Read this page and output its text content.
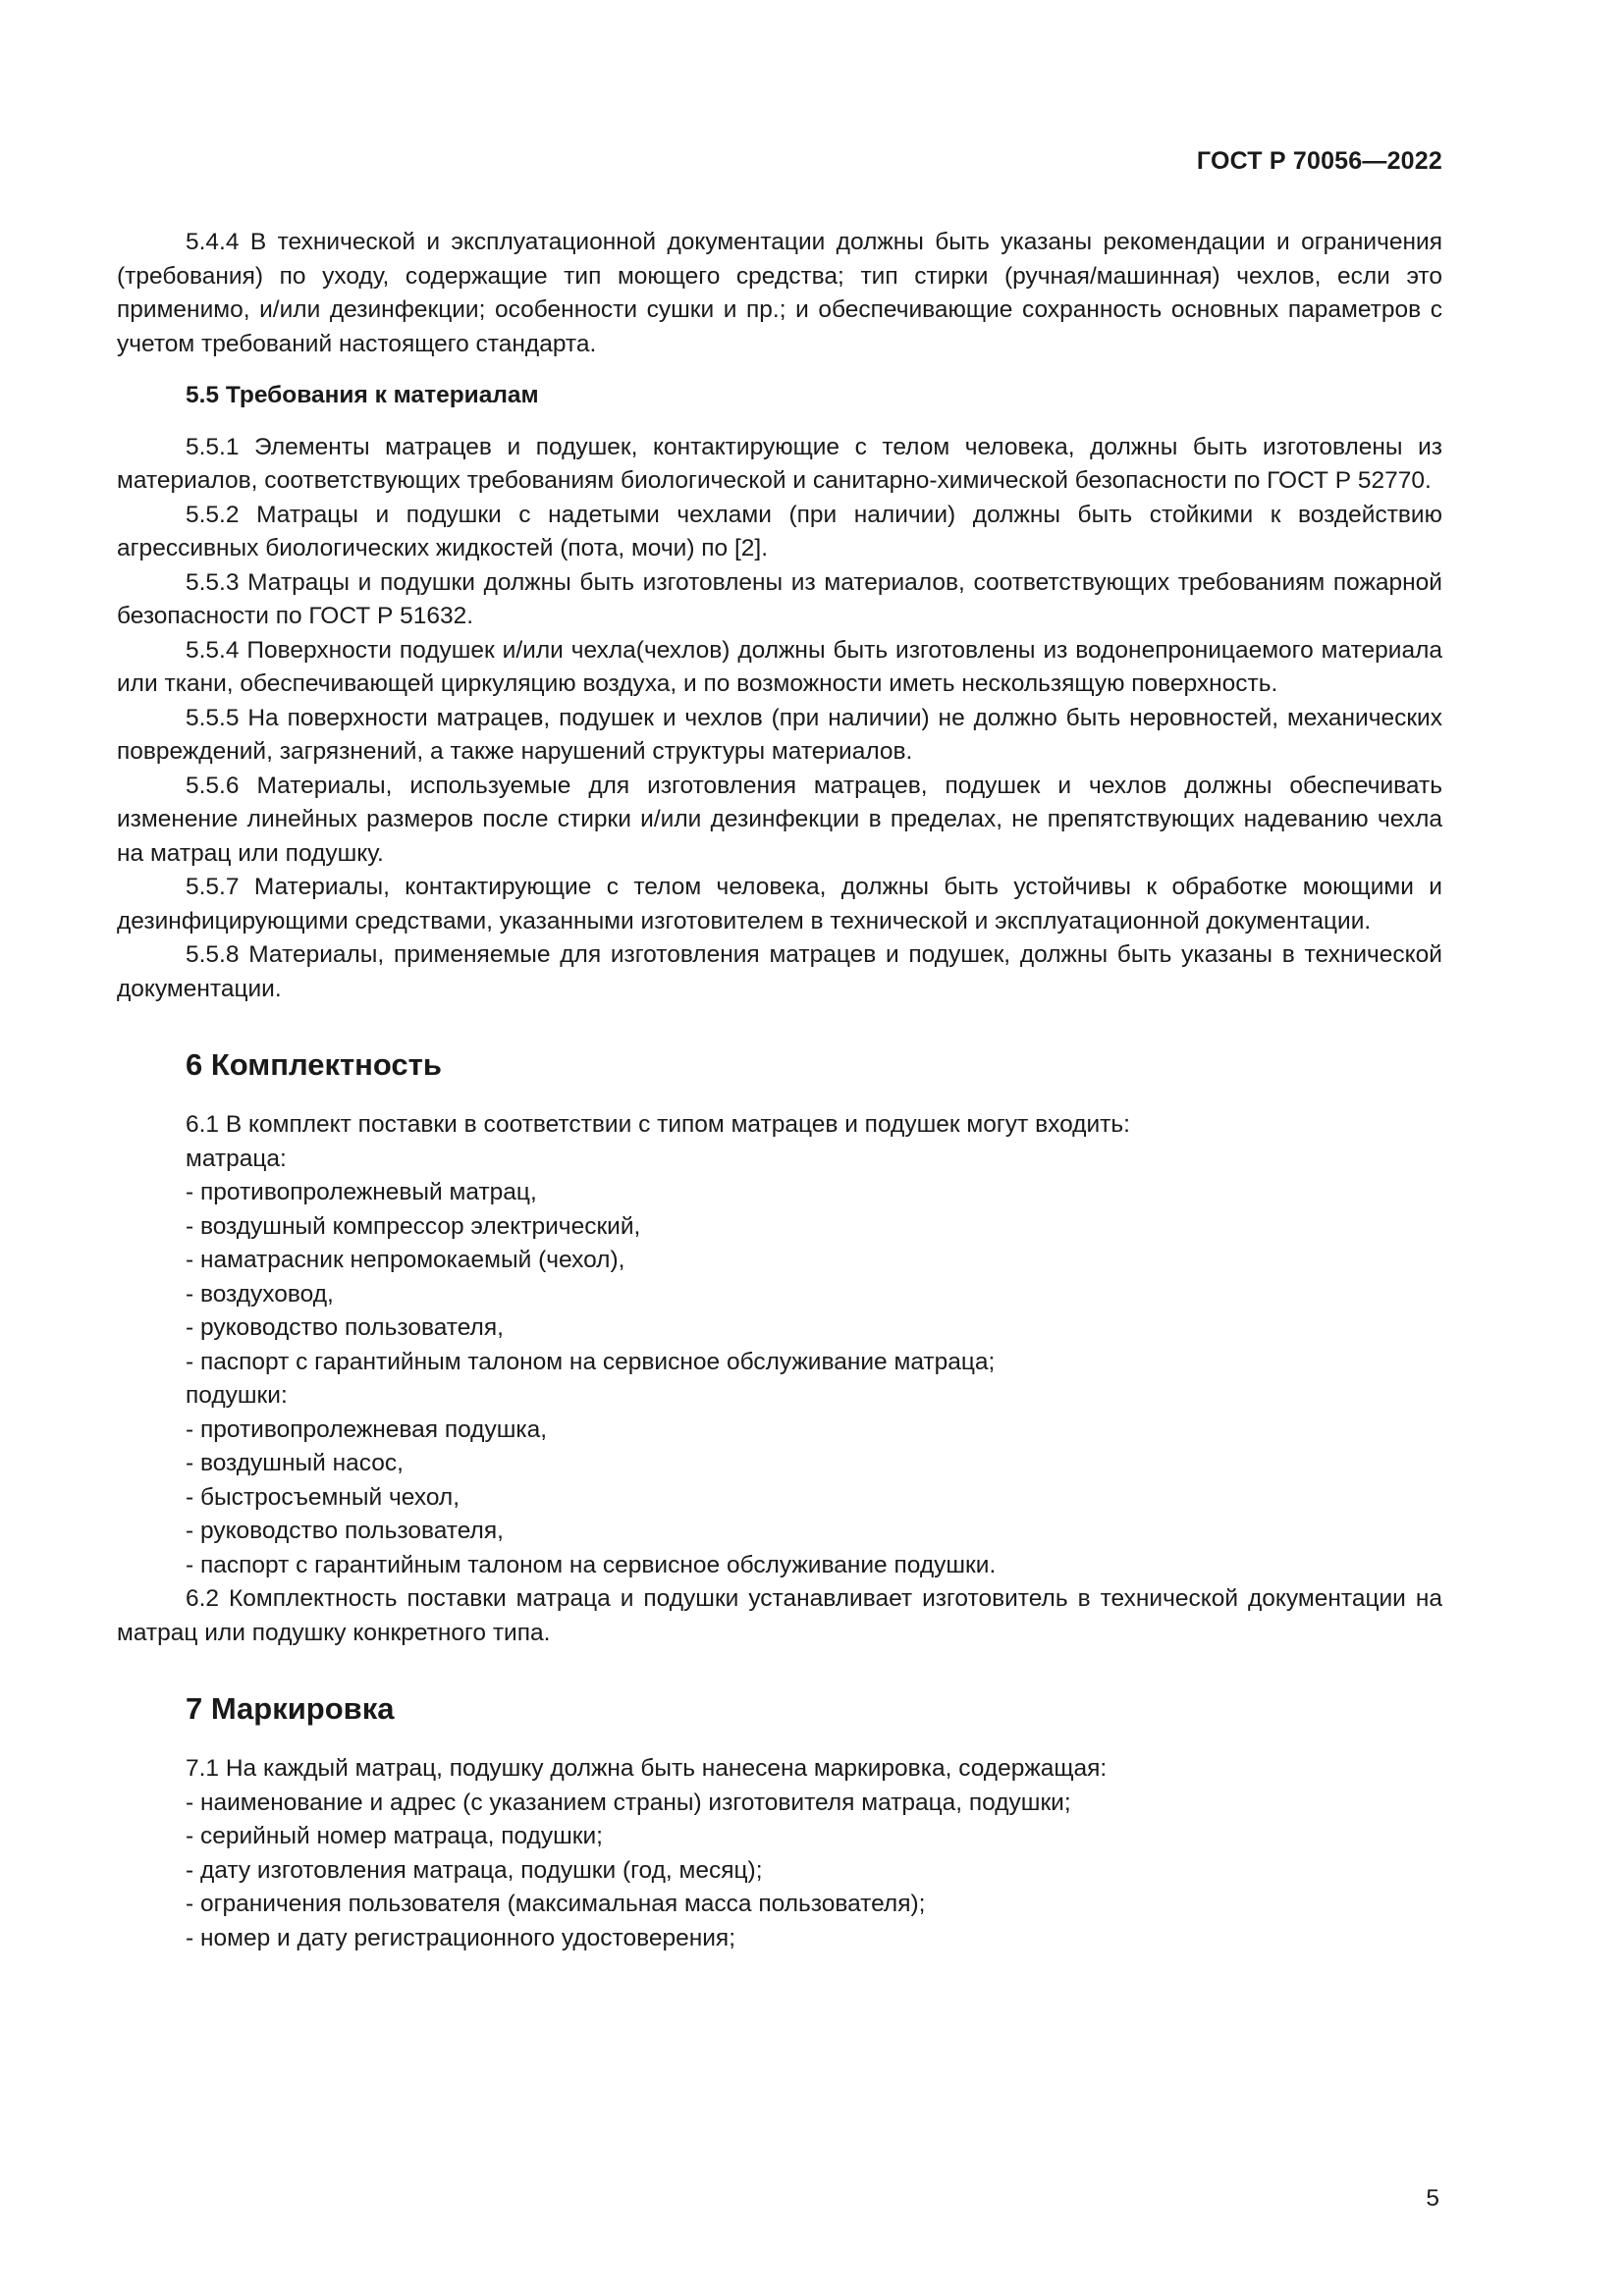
ГОСТ Р 70056—2022

5.4.4 В технической и эксплуатационной документации должны быть указаны рекомендации и ограничения (требования) по уходу, содержащие тип моющего средства; тип стирки (ручная/машинная) чехлов, если это применимо, и/или дезинфекции; особенности сушки и пр.; и обеспечивающие сохранность основных параметров с учетом требований настоящего стандарта.

5.5 Требования к материалам

5.5.1 Элементы матрацев и подушек, контактирующие с телом человека, должны быть изготовлены из материалов, соответствующих требованиям биологической и санитарно-химической безопасности по ГОСТ Р 52770.

5.5.2 Матрацы и подушки с надетыми чехлами (при наличии) должны быть стойкими к воздействию агрессивных биологических жидкостей (пота, мочи) по [2].

5.5.3 Матрацы и подушки должны быть изготовлены из материалов, соответствующих требованиям пожарной безопасности по ГОСТ Р 51632.

5.5.4 Поверхности подушек и/или чехла(чехлов) должны быть изготовлены из водонепроницаемого материала или ткани, обеспечивающей циркуляцию воздуха, и по возможности иметь нескользящую поверхность.

5.5.5 На поверхности матрацев, подушек и чехлов (при наличии) не должно быть неровностей, механических повреждений, загрязнений, а также нарушений структуры материалов.

5.5.6 Материалы, используемые для изготовления матрацев, подушек и чехлов должны обеспечивать изменение линейных размеров после стирки и/или дезинфекции в пределах, не препятствующих надеванию чехла на матрац или подушку.

5.5.7 Материалы, контактирующие с телом человека, должны быть устойчивы к обработке моющими и дезинфицирующими средствами, указанными изготовителем в технической и эксплуатационной документации.

5.5.8 Материалы, применяемые для изготовления матрацев и подушек, должны быть указаны в технической документации.

6 Комплектность

6.1 В комплект поставки в соответствии с типом матрацев и подушек могут входить:

матраца:

- противопролежневый матрац,

- воздушный компрессор электрический,

- наматрасник непромокаемый (чехол),

- воздуховод,

- руководство пользователя,

- паспорт с гарантийным талоном на сервисное обслуживание матраца;

подушки:

- противопролежневая подушка,

- воздушный насос,

- быстросъемный чехол,

- руководство пользователя,

- паспорт с гарантийным талоном на сервисное обслуживание подушки.

6.2 Комплектность поставки матраца и подушки устанавливает изготовитель в технической документации на матрац или подушку конкретного типа.

7 Маркировка

7.1 На каждый матрац, подушку должна быть нанесена маркировка, содержащая:

- наименование и адрес (с указанием страны) изготовителя матраца, подушки;

- серийный номер матраца, подушки;

- дату изготовления матраца, подушки (год, месяц);

- ограничения пользователя (максимальная масса пользователя);

- номер и дату регистрационного удостоверения;

5
